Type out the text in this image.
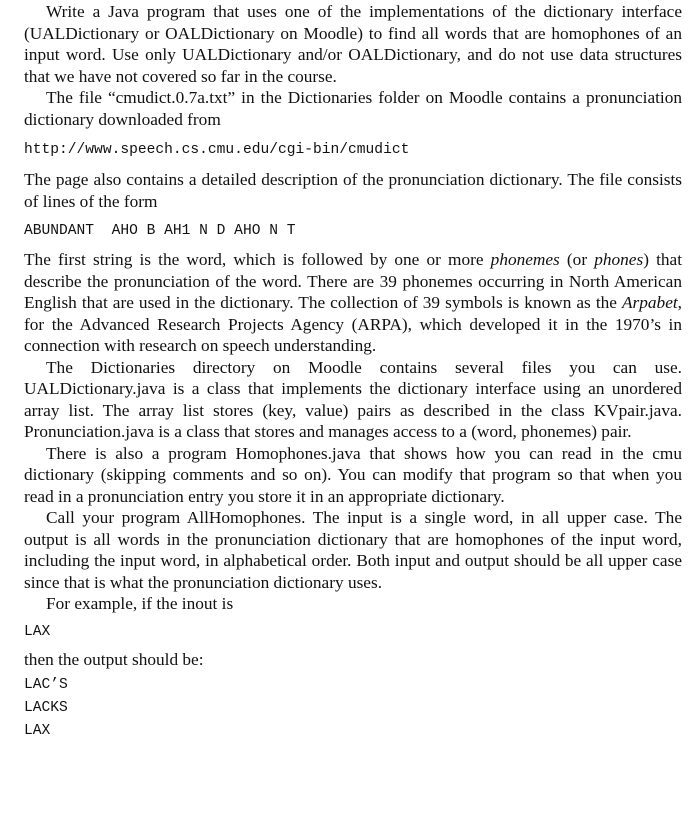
Write a Java program that uses one of the implementations of the dictionary interface (UALDictionary or OALDictionary on Moodle) to find all words that are homophones of an input word. Use only UALDictionary and/or OALDictionary, and do not use data structures that we have not covered so far in the course.

The file “cmudict.0.7a.txt” in the Dictionaries folder on Moodle contains a pronunciation dictionary downloaded from

http://www.speech.cs.cmu.edu/cgi-bin/cmudict

The page also contains a detailed description of the pronunciation dictionary. The file consists of lines of the form

ABUNDANT  AHO B AH1 N D AHO N T

The first string is the word, which is followed by one or more phonemes (or phones) that describe the pronunciation of the word. There are 39 phonemes occurring in North American English that are used in the dictionary. The collection of 39 symbols is known as the Arpabet, for the Advanced Research Projects Agency (ARPA), which developed it in the 1970’s in connection with research on speech understanding.

The Dictionaries directory on Moodle contains several files you can use. UALDictionary.java is a class that implements the dictionary interface using an unordered array list. The array list stores (key, value) pairs as described in the class KVpair.java. Pronunciation.java is a class that stores and manages access to a (word, phonemes) pair.

There is also a program Homophones.java that shows how you can read in the cmu dictionary (skipping comments and so on). You can modify that program so that when you read in a pronunciation entry you store it in an appropriate dictionary.

Call your program AllHomophones. The input is a single word, in all upper case. The output is all words in the pronunciation dictionary that are homophones of the input word, including the input word, in alphabetical order. Both input and output should be all upper case since that is what the pronunciation dictionary uses.

For example, if the inout is

LAX

then the output should be:

LAC’S

LACKS

LAX
